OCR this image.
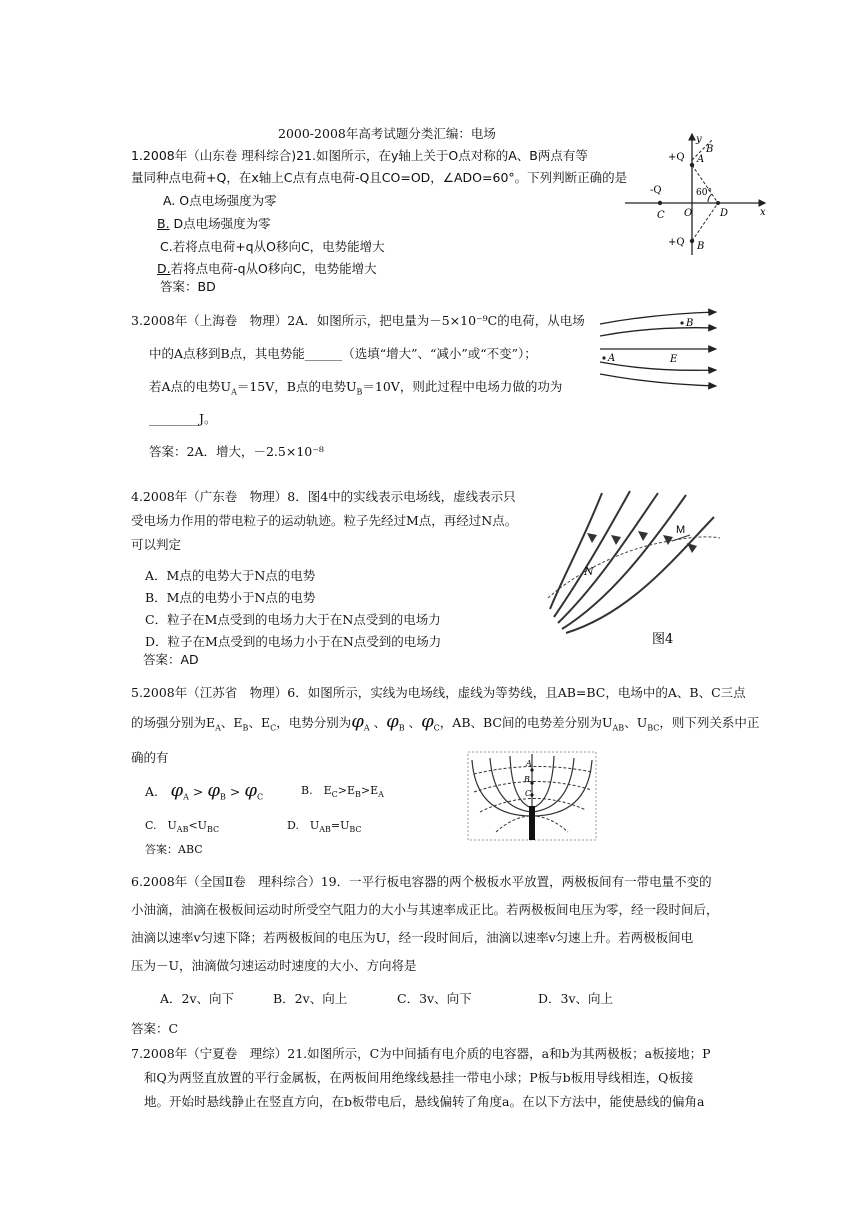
2000-2008年高考试题分类汇编：电场
1.2008年（山东卷 理科综合)21.如图所示，在y轴上关于O点对称的A、B两点有等
量同种点电荷+Q，在x轴上C点有点电荷-Q且CO=OD，∠ADO=60°。下列判断正确的是
A. O点电场强度为零
B. D点电场强度为零
C.若将点电荷+q从O移向C，电势能增大
D.若将点电荷-q从O移向C，电势能增大
答案：BD
y
x
+Q A
B
-Q
C O	D
60°
+Q B
3.2008年（上海卷　物理）2A．如图所示，把电量为－5×10⁻⁹C的电荷，从电场
中的A点移到B点，其电势能______（选填“增大”、“减小”或“不变”）；
若A点的电势$U_A=15V$，B点的电势$U_B=10V$，则此过程中电场力做的功为
________J。
答案：2A．增大，－2.5×10⁻⁸
B
A	E
4.2008年（广东卷　物理）8．图4中的实线表示电场线，虚线表示只
受电场力作用的带电粒子的运动轨迹。粒子先经过M点，再经过N点。
可以判定
A．M点的电势大于N点的电势
B．M点的电势小于N点的电势
C．粒子在M点受到的电场力大于在N点受到的电场力
D．粒子在M点受到的电场力小于在N点受到的电场力
答案：AD
M
N
图4
5.2008年（江苏省　物理）6．如图所示，实线为电场线，虚线为等势线，且AB=BC，电场中的A、B、C三点
的场强分别为$E_A$、$E_B$、$E_C$，电势分别为$\varphi_A$ 、$\varphi_B$ 、$\varphi_C$，AB、BC间的电势差分别为$U_{AB}$、$U_{BC}$，则下列关系中正
确的有
A.　 $\varphi_A > \varphi_B > \varphi_C$	B.　$E_C>E_B>E_A$
C.　$U_{AB}<U_{BC}$	D.　$U_{AB}=U_{BC}$
答案：ABC
A
B
C
6.2008年（全国Ⅱ卷　理科综合）19．一平行板电容器的两个极板水平放置，两极板间有一带电量不变的
小油滴，油滴在极板间运动时所受空气阻力的大小与其速率成正比。若两极板间电压为零，经一段时间后，
油滴以速率v匀速下降；若两极板间的电压为U，经一段时间后，油滴以速率v匀速上升。若两极板间电
压为－U，油滴做匀速运动时速度的大小、方向将是
A．2v、向下	B．2v、向上	C．3v、向下	D．3v、向上
答案：C
7.2008年（宁夏卷　理综）21.如图所示，C为中间插有电介质的电容器，a和b为其两极板；a板接地；P
和Q为两竖直放置的平行金属板，在两板间用绝缘线悬挂一带电小球；P板与b板用导线相连，Q板接
地。开始时悬线静止在竖直方向，在b板带电后，悬线偏转了角度a。在以下方法中，能使悬线的偏角a
